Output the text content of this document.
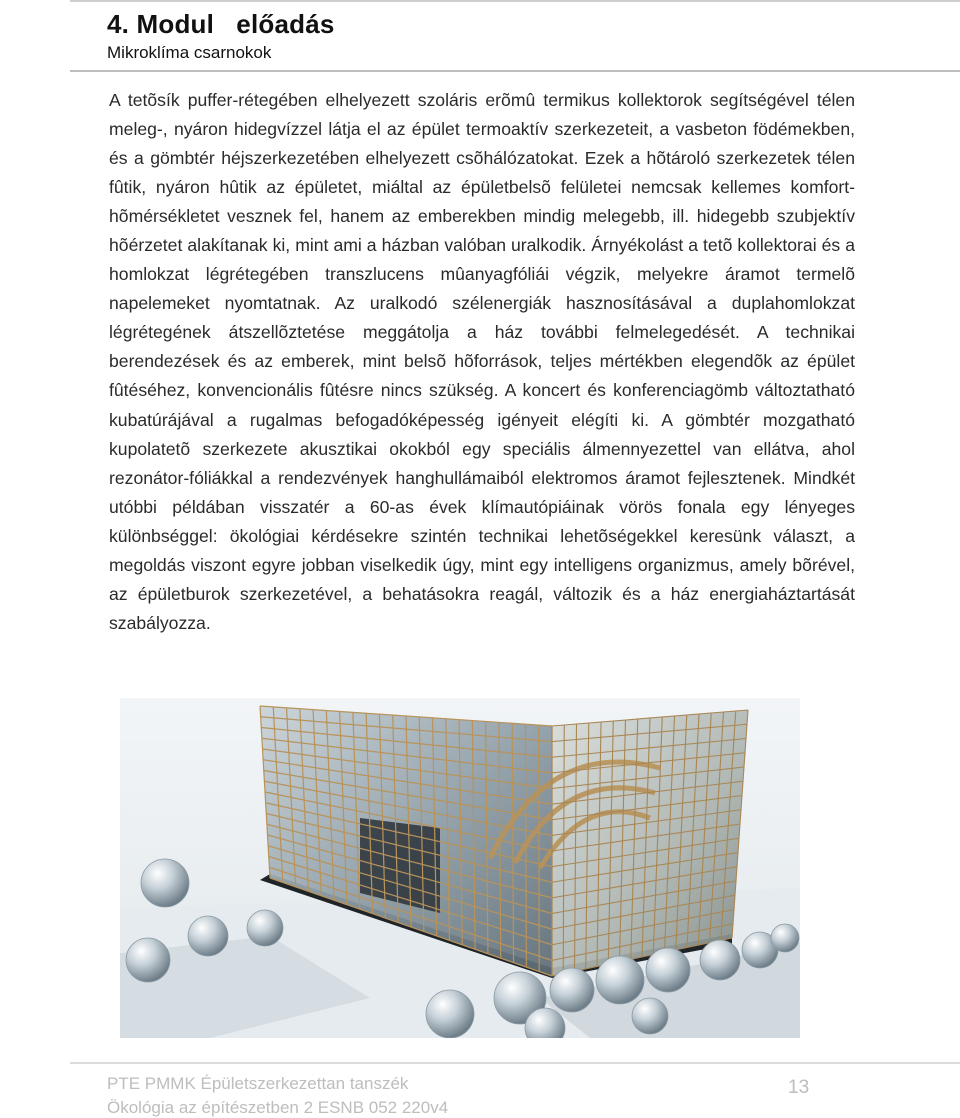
4. Modul   előadás
Mikroklíma csarnokok
A tetõsík puffer-rétegében elhelyezett szoláris erõmû termikus kollektorok segítségével télen meleg-, nyáron hidegvízzel látja el az épület termoaktív szerkezeteit, a vasbeton födémekben, és a gömbtér héjszerkezetében elhelyezett csõhálózatokat. Ezek a hõtároló szerkezetek télen fûtik, nyáron hûtik az épületet, miáltal az épületbelsõ felületei nemcsak kellemes komfort-hõmérsékletet vesznek fel, hanem az emberekben mindig melegebb, ill. hidegebb szubjektív hõérzetet alakítanak ki, mint ami a házban valóban uralkodik. Árnyékolást a tetõ kollektorai és a homlokzat légrétegében transzlucens mûanyagfóliái végzik, melyekre áramot termelõ napelemeket nyomtatnak. Az uralkodó szélenergiák hasznosításával a duplahomlokzat légrétegének átszellõztetése meggátolja a ház további felmelegedését. A technikai berendezések és az emberek, mint belsõ hõforrások, teljes mértékben elegendõk az épület fûtéséhez, konvencionális fûtésre nincs szükség. A koncert és konferenciagömb változtatható kubatúrájával a rugalmas befogadóképesség igényeit elégíti ki. A gömbtér mozgatható kupolatetõ szerkezete akusztikai okokból egy speciális álmennyezettel van ellátva, ahol rezonátor-fóliákkal a rendezvények hanghullámaiból elektromos áramot fejlesztenek. Mindkét utóbbi példában visszatér a 60-as évek klímautópiáinak vörös fonala egy lényeges különbséggel: ökológiai kérdésekre szintén technikai lehetõségekkel keresünk választ, a megoldás viszont egyre jobban viselkedik úgy, mint egy intelligens organizmus, amely bõrével, az épületburok szerkezetével, a behatásokra reagál, változik és a ház energiaháztartását szabályozza.
PTE PMMK Épületszerkezettan tanszék
Ökológia az építészetben 2 ESNB 052 220v4
13
